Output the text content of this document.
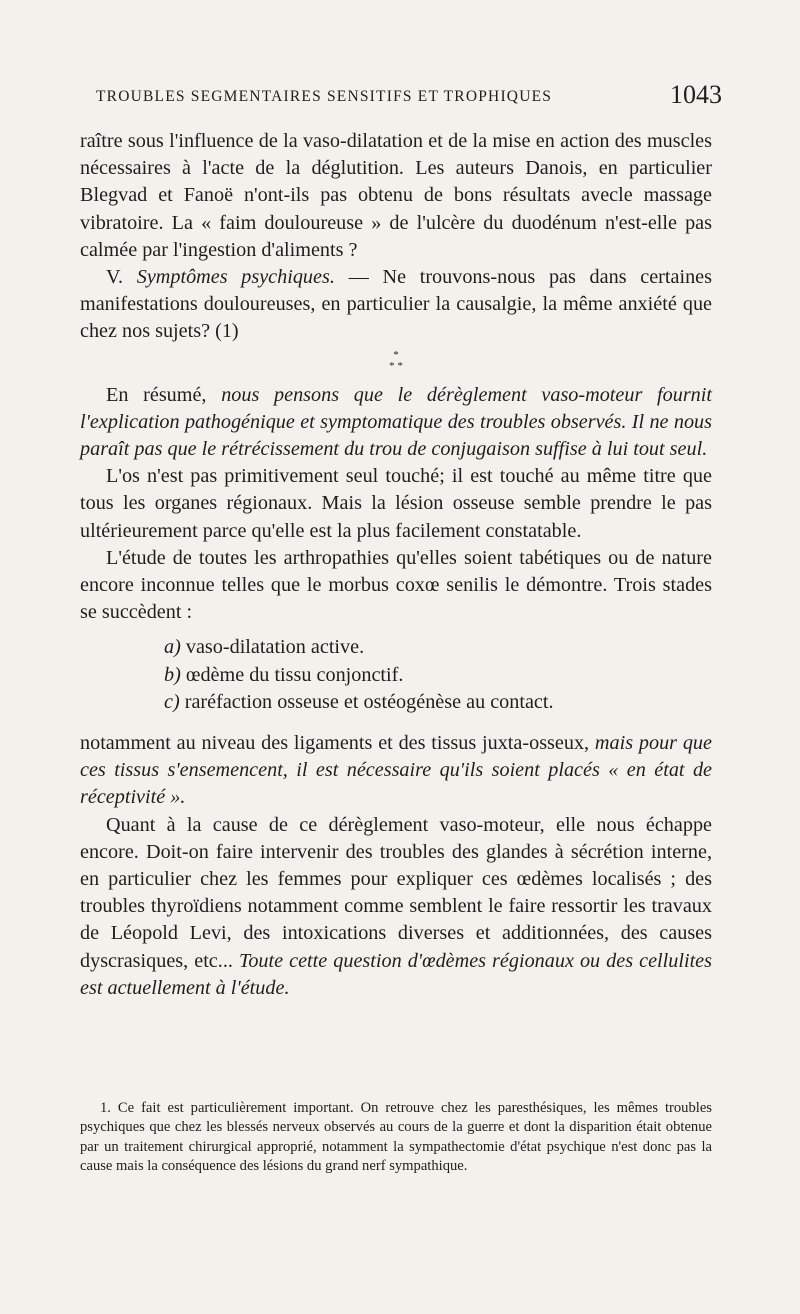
TROUBLES SEGMENTAIRES SENSITIFS ET TROPHIQUES	1043

raître sous l'influence de la vaso-dilatation et de la mise en action des muscles nécessaires à l'acte de la déglutition. Les auteurs Danois, en particulier Blegvad et Fanoë n'ont-ils pas obtenu de bons résultats avecle massage vibratoire. La « faim douloureuse » de l'ulcère du duodénum n'est-elle pas calmée par l'ingestion d'aliments ?

V. Symptômes psychiques. — Ne trouvons-nous pas dans certaines manifestations douloureuses, en particulier la causalgie, la même anxiété que chez nos sujets? (1)

*
* *

En résumé, nous pensons que le dérèglement vaso-moteur fournit l'explication pathogénique et symptomatique des troubles observés. Il ne nous paraît pas que le rétrécissement du trou de conjugaison suffise à lui tout seul.

L'os n'est pas primitivement seul touché; il est touché au même titre que tous les organes régionaux. Mais la lésion osseuse semble prendre le pas ultérieurement parce qu'elle est la plus facilement constatable.

L'étude de toutes les arthropathies qu'elles soient tabétiques ou de nature encore inconnue telles que le morbus coxœ senilis le démontre. Trois stades se succèdent :

a) vaso-dilatation active.
b) œdème du tissu conjonctif.
c) raréfaction osseuse et ostéogénèse au contact.

notamment au niveau des ligaments et des tissus juxta-osseux, mais pour que ces tissus s'ensemencent, il est nécessaire qu'ils soient placés « en état de réceptivité ».

Quant à la cause de ce dérèglement vaso-moteur, elle nous échappe encore. Doit-on faire intervenir des troubles des glandes à sécrétion interne, en particulier chez les femmes pour expliquer ces œdèmes localisés ; des troubles thyroïdiens notamment comme semblent le faire ressortir les travaux de Léopold Levi, des intoxications diverses et additionnées, des causes dyscrasiques, etc... Toute cette question d'œdèmes régionaux ou des cellulites est actuellement à l'étude.

1. Ce fait est particulièrement important. On retrouve chez les paresthésiques, les mêmes troubles psychiques que chez les blessés nerveux observés au cours de la guerre et dont la disparition était obtenue par un traitement chirurgical approprié, notamment la sympathectomie d'état psychique n'est donc pas la cause mais la conséquence des lésions du grand nerf sympathique.
